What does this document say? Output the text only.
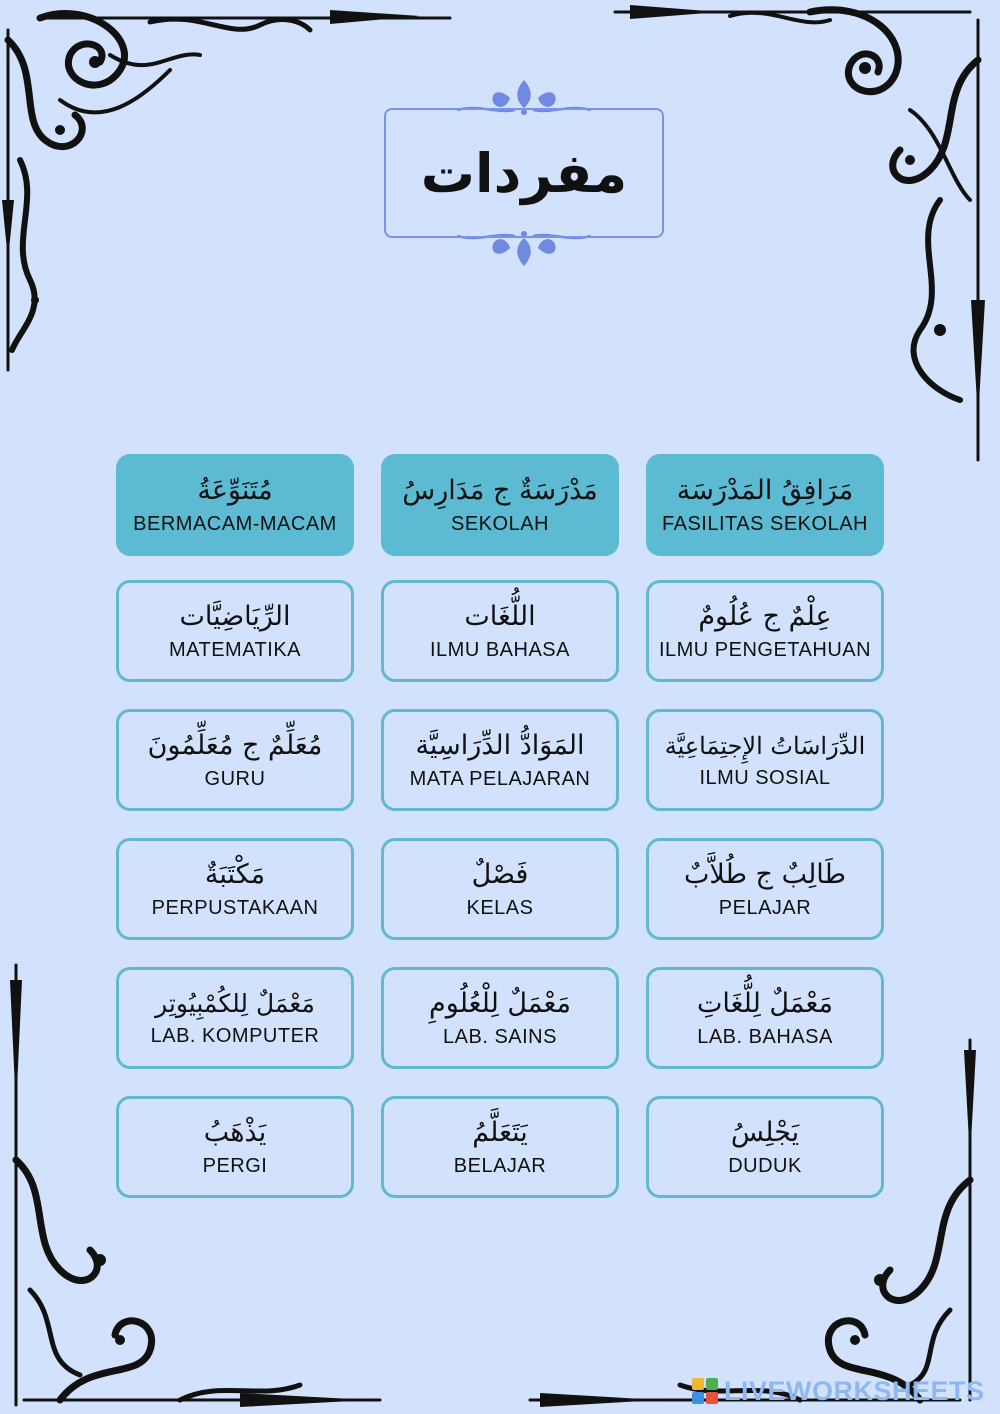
مفردات
مَرَافِقُ المَدْرَسَة
FASILITAS SEKOLAH
مَدْرَسَةٌ ج مَدَارِسُ
SEKOLAH
مُتَنَوِّعَةُ
BERMACAM-MACAM
عِلْمٌ ج عُلُومٌ
ILMU PENGETAHUAN
اللُّغَات
ILMU BAHASA
الرِّيَاضِيَّات
MATEMATIKA
الدِّرَاسَاتُ الإِجتِمَاعِيَّة
ILMU SOSIAL
المَوَادُّ الدِّرَاسِيَّة
MATA PELAJARAN
مُعَلِّمٌ ج مُعَلِّمُونَ
GURU
طَالِبٌ ج طُلاَّبٌ
PELAJAR
فَصْلٌ
KELAS
مَكْتَبَةٌ
PERPUSTAKAAN
مَعْمَلٌ لِلُّغَاتِ
LAB. BAHASA
مَعْمَلٌ لِلْعُلُومِ
LAB. SAINS
مَعْمَلٌ لِلكُمْبِيُوتِر
LAB. KOMPUTER
يَجْلِسُ
DUDUK
يَتَعَلَّمُ
BELAJAR
يَذْهَبُ
PERGI
LIVEWORKSHEETS
